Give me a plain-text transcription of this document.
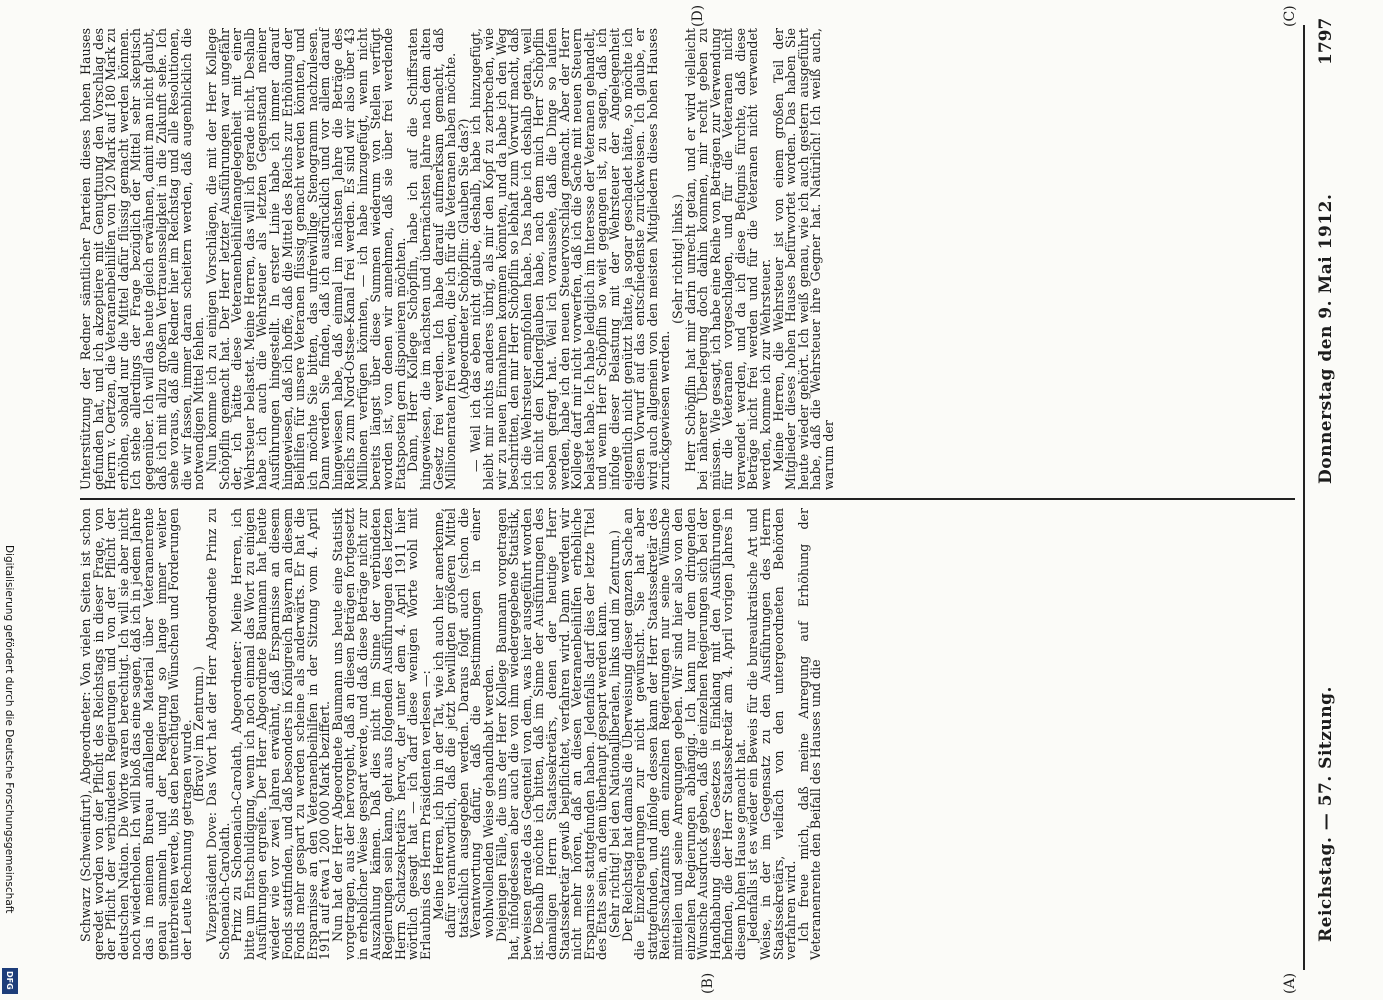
Reichstag. — 57. Sitzung.
Donnerstag den 9. Mai 1912.
1797
(A)
(B)
(C)
(D)

Schwarz (Schweinfurt), Abgeordneter: Von vielen Seiten ist schon geredet worden von der Pflicht des Reichstags in dieser Frage, von der Pflicht der verbündeten Regierungen und von der Pflicht der deutschen Nation. Die Worte waren berechtigt. Ich will sie aber nicht noch wiederholen. Ich will bloß das eine sagen, daß ich in jedem Jahre das in meinem Bureau anfallende Material über Veteranenrente genau sammeln und der Regierung so lange immer weiter unterbreiten werde, bis den berechtigten Wünschen und Forderungen der Leute Rechnung getragen wurde.

(Bravo! im Zentrum.)

Vizepräsident Dove: Das Wort hat der Herr Abgeordnete Prinz zu Schoenaich-Carolath.

Prinz zu Schoenaich-Carolath, Abgeordneter: Meine Herren, ich bitte um Entschuldigung, wenn ich noch einmal das Wort zu einigen Ausführungen ergreife. Der Herr Abgeordnete Baumann hat heute wieder wie vor zwei Jahren erwähnt, daß Ersparnisse an diesem Fonds stattfinden, und daß besonders in Königreich Bayern an diesem Fonds mehr gespart zu werden scheine als anderwärts. Er hat die Ersparnisse an den Veteranenbeihilfen in der Sitzung vom 4. April 1911 auf etwa 1 200 000 Mark beziffert.

Nun hat der Herr Abgeordnete Baumann uns heute eine Statistik vorgetragen, aus der hervorgeht, daß an diesen Beträgen fortgesetzt in erheblicher Weise gespart werde, und daß diese Beträge nicht zur Auszahlung kämen. Daß dies nicht im Sinne der verbündeten Regierungen sein kann, geht aus folgenden Ausführungen des letzten Herrn Schatzsekretärs hervor, der unter dem 4. April 1911 hier wörtlich gesagt hat — ich darf diese wenigen Worte wohl mit Erlaubnis des Herrn Präsidenten verlesen —:

Meine Herren, ich bin in der Tat, wie ich auch hier anerkenne, dafür verantwortlich, daß die jetzt bewilligten größeren Mittel tatsächlich ausgegeben werden. Daraus folgt auch (schon die Verantwortung dafür, daß die Bestimmungen in einer wohlwollenden Weise gehandhabt werden.

Diejenigen Fälle, die uns der Herr Kollege Baumann vorgetragen hat, infolgedessen aber auch die von ihm wiedergegebene Statistik, beweisen gerade das Gegenteil von dem, was hier ausgeführt worden ist. Deshalb möchte ich bitten, daß im Sinne der Ausführungen des damaligen Herrn Staatssekretärs, denen der heutige Herr Staatssekretär gewiß beipflichtet, verfahren wird. Dann werden wir nicht mehr hören, daß an diesen Veteranenbeihilfen erhebliche Ersparnisse stattgefunden haben. Jedenfalls darf dies der letzte Titel des Etats sein, an dem überhaupt gespart werden kann.

(Sehr richtig! bei den Nationalliberalen, links und im Zentrum.)

Der Reichstag hat damals die Überweisung dieser ganzen Sache an die Einzelregierungen zur nicht gewünscht. Sie hat aber stattgefunden, und infolge dessen kann der Herr Staatssekretär des Reichsschatzamts dem einzelnen Regierungen nur seine Wünsche mitteilen und seine Anregungen geben. Wir sind hier also von den einzelnen Regierungen abhängig. Ich kann nur dem dringenden Wunsche Ausdruck geben, daß die einzelnen Regierungen sich bei der Handhabung dieses Gesetzes in Einklang mit den Ausführungen befinden, die der Herr Staatssekretär am 4. April vorigen Jahres in diesem hohen Hause gemacht hat.

Jedenfalls ist es wieder ein Beweis für die bureaukratische Art und Weise, in der im Gegensatz zu den Ausführungen des Herrn Staatssekretärs, vielfach von den untergeordneten Behörden verfahren wird.

Ich freue mich, daß meine Anregung auf Erhöhung der Veteranenrente den Beifall des Hauses und die

Unterstützung der Redner sämtlicher Parteien dieses hohen Hauses gefunden hat, und ich akzeptiere mit Genugtuung den Vorschlag des Herrn v. Oertzen, die Veteranenbeihilfen von 120 Mark auf 180 Mark zu erhöhen, sobald nur die Mittel dafür flüssig gemacht werden können. Ich stehe allerdings der Frage bezüglich der Mittel sehr skeptisch gegenüber. Ich will das heute gleich erwähnen, damit man nicht glaubt, daß ich mit allzu großem Vertrauensseligkeit in die Zukunft sehe. Ich sehe voraus, daß alle Redner hier im Reichstag und alle Resolutionen, die wir fassen, immer daran scheitern werden, daß augenblicklich die notwendigen Mittel fehlen.

Nun komme ich zu einigen Vorschlägen, die mit der Herr Kollege Schöpflin gemacht hat. Der Herr letzter Ausführungen war ungefähr der, ich hätte diese Veteranenbeihilfenangelegenheit mit einer Wehrsteuer belastet. Meine Herren, das will ich gerade nicht. Deshalb habe ich auch die Wehrsteuer als letzten Gegenstand meiner Ausführungen hingestellt. In erster Linie habe ich immer darauf hingewiesen, daß ich hoffe, daß die Mittel des Reichs zur Erhöhung der Beihilfen für unsere Veteranen flüssig gemacht werden könnten, und ich möchte Sie bitten, das unfreiwillige Stenogramm nachzulesen. Dann werden Sie finden, daß ich ausdrücklich und vor allem darauf hingewiesen habe, daß einmal im nächsten Jahre die Beträge des Reichs zum Nord-Ostsee-Kanal frei werden. Es sind wir also über 43 Millionen verfügen könnten, — ich habe hinzugefügt, wenn nicht bereits längst über diese Summen wiederum von Stellen verfügt worden ist, von denen wir annehmen, daß sie über frei werdende Etatsposten gern disponieren möchten.

Dann, Herr Kollege Schöpflin, habe ich auf die Schiffsraten hingewiesen, die im nächsten und übernächsten Jahre nach dem alten Gesetz frei werden. Ich habe darauf aufmerksam gemacht, daß Millionenraten frei werden, die ich für die Veteranen haben möchte.

(Abgeordneter Schöpflin: Glauben Sie das?)

— Weil ich das eben nicht glaube, deshalb, habe ich hinzugefügt, bleibt mir nichts anderes übrig, als mir den Kopf zu zerbrechen, wie wir zu neuen Einnahmen kommen könnten, und da habe ich den Weg beschritten, den mir Herr Schöpflin so lebhaft zum Vorwurf macht, daß ich die Wehrsteuer empfohlen habe. Das habe ich deshalb getan, weil ich nicht den Kinderglauben habe, nach dem mich Herr Schöpflin soeben gefragt hat. Weil ich voraussehe, daß die Dinge so laufen werden, habe ich den neuen Steuervorschlag gemacht. Aber der Herr Kollege darf mir nicht vorwerfen, daß ich die Sache mit neuen Steuern belastet habe. Ich habe lediglich im Interesse der Veteranen gehandelt, und wenn Herr Schöpflin so weit gegangen ist, zu sagen, daß ich infolge dieser Belastung mit der Wehrsteuer der Angelegenheit eigentlich nicht genützt hätte, ja sogar geschadet hätte, so möchte ich diesen Vorwurf auf das entschiedenste zurückweisen. Ich glaube, er wird auch allgemein von den meisten Mitgliedern dieses hohen Hauses zurückgewiesen werden.

(Sehr richtig! links.)

Herr Schöpflin hat mir darin unrecht getan, und er wird vielleicht bei näherer Überlegung doch dahin kommen, mir recht geben zu müssen. Wie gesagt, ich habe eine Reihe von Beträgen zur Verwendung für die Veteranen vorgeschlagen, und für die Veteranen nicht verwendet werden, und da ich diese Befugnis fürchte, daß diese Beträge nicht frei werden und für die Veteranen nicht verwendet werden, komme ich zur Wehrsteuer.

Meine Herren, die Wehrsteuer ist von einem großen Teil der Mitglieder dieses hohen Hauses befürwortet worden. Das haben Sie heute wieder gehört. Ich weiß genau, wie ich auch gestern ausgeführt habe, daß die Wehrsteuer ihre Gegner hat. Natürlich! Ich weiß auch, warum der

Digitalisierung gefördert durch die Deutsche Forschungsgemeinschaft
DFG
